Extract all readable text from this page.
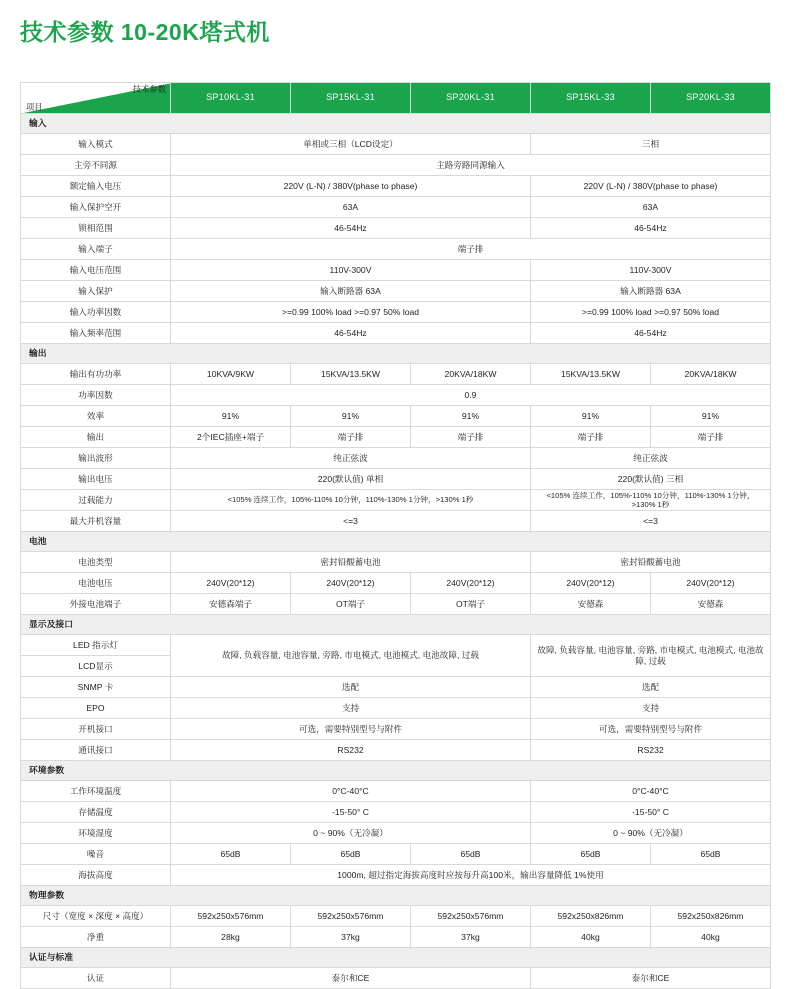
技术参数 10-20K塔式机
技术参数
项目	SP10KL-31	SP15KL-31	SP20KL-31	SP15KL-33	SP20KL-33
输入					
输入模式	单相或三相（LCD设定）			三相	
主旁不同源	主路旁路同源输入				
额定输入电压	220V (L-N) / 380V(phase to phase)			220V (L-N) / 380V(phase to phase)	
输入保护空开	63A			63A	
锁相范围	46-54Hz			46-54Hz	
输入端子	端子排				
输入电压范围	110V-300V			110V-300V	
输入保护	输入断路器 63A			输入断路器 63A	
输入功率因数	>=0.99 100% load >=0.97 50% load			>=0.99 100% load >=0.97 50% load	
输入频率范围	46-54Hz			46-54Hz	
输出					
输出有功功率	10KVA/9KW	15KVA/13.5KW	20KVA/18KW	15KVA/13.5KW	20KVA/18KW
功率因数	0.9				
效率	91%	91%	91%	91%	91%
输出	2个IEC插座+端子	端子排	端子排	端子排	端子排
输出波形	纯正弦波			纯正弦波	
输出电压	220(默认值) 单相			220(默认值) 三相	
过载能力	<105% 连续工作，105%-110% 10分钟，110%-130% 1分钟，>130% 1秒			<105% 连续工作，105%-110% 10分钟，110%-130% 1分钟，>130% 1秒	
最大并机容量	<=3			<=3	
电池					
电池类型	密封铅酸蓄电池			密封铅酸蓄电池	
电池电压	240V(20*12)	240V(20*12)	240V(20*12)	240V(20*12)	240V(20*12)
外接电池端子	安德森端子	OT端子	OT端子	安德森	安德森
显示及接口					
LED 指示灯	故障, 负载容量, 电池容量, 旁路, 市电模式, 电池模式, 电池故障, 过载			故障, 负载容量, 电池容量, 旁路, 市电模式, 电池模式, 电池故障, 过载	
LCD显示					
SNMP 卡	选配			选配	
EPO	支持			支持	
开机接口	可选，需要特别型号与附件			可选，需要特别型号与附件	
通讯接口	RS232			RS232	
环境参数					
工作环境温度	0°C-40°C			0°C-40°C	
存储温度	-15-50° C			-15-50° C	
环境湿度	0 ~ 90%（无冷凝）			0 ~ 90%（无冷凝）	
噪音	65dB	65dB	65dB	65dB	65dB
海拔高度	1000m, 超过指定海拔高度时应按每升高100米，输出容量降低 1%使用				
物理参数					
尺寸（宽度 × 深度 × 高度）	592x250x576mm	592x250x576mm	592x250x576mm	592x250x826mm	592x250x826mm
净重	28kg	37kg	37kg	40kg	40kg
认证与标准					
认证	泰尔和CE			泰尔和CE	
